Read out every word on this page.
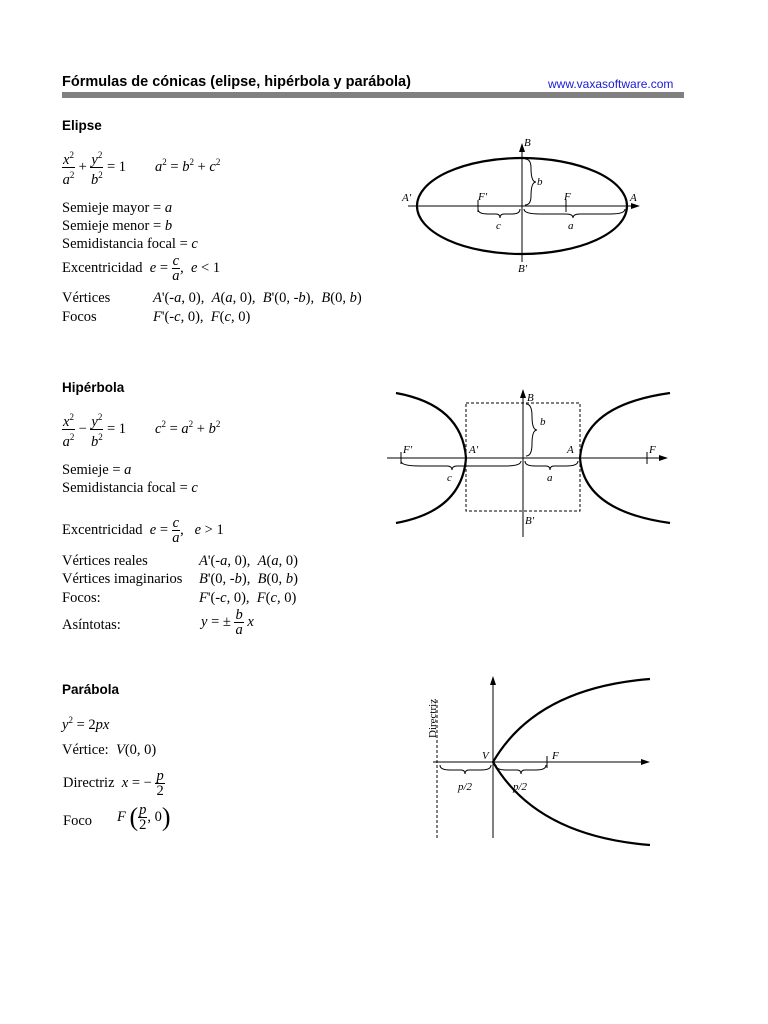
Fórmulas de cónicas (elipse, hipérbola y parábola)	www.vaxasoftware.com
Elipse
$\frac{x^2}{a^2} + \frac{y^2}{b^2} = 1$        $a^2 = b^2 + c^2$
Semieje mayor = a
Semieje menor = b
Semidistancia focal = c
Excentricidad $e = \frac{c}{a}$ ,  e < 1
Vértices	A'(-a, 0),  A(a, 0),  B'(0, -b),  B(0, b)
Focos	F'(-c, 0),  F(c, 0)
B
B'
A'	A
F'	F
b
c	a
Hipérbola
$\frac{x^2}{a^2} - \frac{y^2}{b^2} = 1$        $c^2 = a^2 + b^2$
Semieje = a
Semidistancia focal = c
Excentricidad $e = \frac{c}{a}$ ,   e > 1
Vértices reales	A'(-a, 0),  A(a, 0)
Vértices imaginarios B'(0, -b),  B(0, b)
Focos:	F'(-c, 0),  F(c, 0)
Asíntotas:	y = ± $\frac{b}{a}$ x
B
B'
F'	A'	A	F
b
c	a
Parábola
$y^2 = 2px$
Vértice: V(0, 0)
Directriz x = − $\frac{p}{2}$
Foco F ( $\frac{p}{2}$ , 0)
Directriz
V	F
p/2	p/2
